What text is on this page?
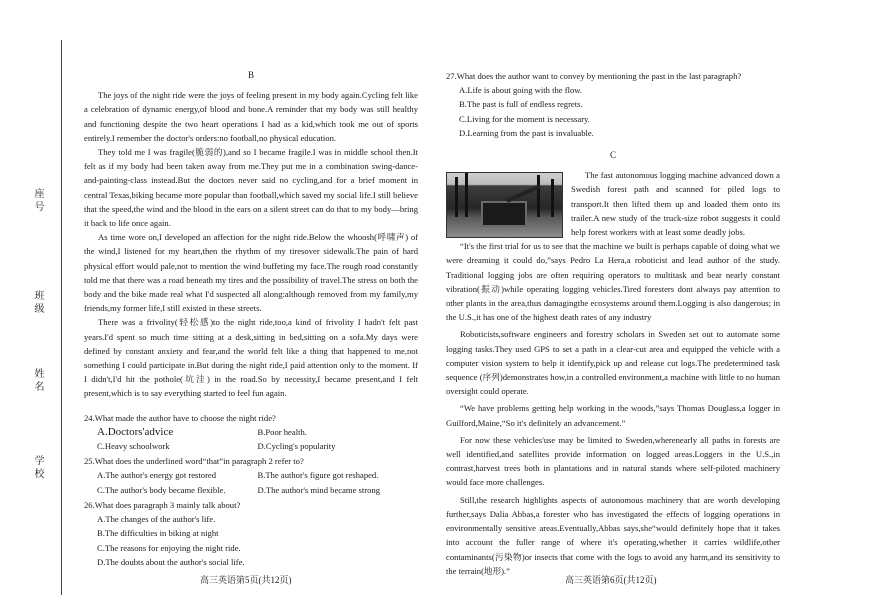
座号
班级
姓名
学校
B

The joys of the night ride were the joys of feeling present in my body again.Cycling felt like a celebration of dynamic energy,of blood and bone.A reminder that my body was still healthy and functioning despite the two heart operations I had as a kid,which took me out of sports entirely.I remember the doctor's orders:no football,no physical education.

They told me I was fragile(脆弱的),and so I became fragile.I was in middle school then.It felt as if my body had been taken away from me.They put me in a combination swing-dance-and-painting-class instead.But the doctors never said no cycling,and for a brief moment in central Texas,biking became more popular than football,which saved my social life.I still believe that the speed,the wind and the blood in the ears on a silent street can do that to my body—bring it back to life once again.

As time wore on,I developed an affection for the night ride.Below the whoosh(呼啸声) of the wind,I listened for my heart,then the rhythm of my tiresover sidewalk.The pain of hard physical effort would pale,not to mention the wind buffeting my face.The rough road constantly told me that there was a road beneath my tires and the possibility of travel.The stress on both the body and the bike made real what I'd suspected all along:although removed from my family,my friends,my former life,I still existed in these streets.

There was a frivolity(轻松感)to the night ride,too,a kind of frivolity I hadn't felt past years.I'd spent so much time sitting at a desk,sitting in bed,sitting on a sofa.My days were defined by constant anxiety and fear,and the world felt like a thing that happened to me,not something I could participate in.But during the night ride,I paid attention only to the moment. If I didn't,I'd hit the pothole(坑洼) in the road.So by necessity,I became present,and I felt present,which is to say everything started to feel fun again.

24.What made the author have to choose the night ride?
A.Doctors'advice	B.Poor health.
C.Heavy schoolwork	D.Cycling's popularity
25.What does the underlined word“that”in paragraph 2 refer to?
A.The author's energy got restored	B.The author's figure got reshaped.
C.The author's body became flexible.	D.The author's mind became strong
26.What does paragraph 3 mainly talk about?
A.The changes of the author's life.
B.The difficulties in biking at night
C.The reasons for enjoying the night ride.
D.The doubts about the author's social life.
27.What does the author want to convey by mentioning the past in the last paragraph?
A.Life is about going with the flow.
B.The past is full of endless regrets.
C.Living for the moment is necessary.
D.Learning from the past is invaluable.
C

The fast autonomous logging machine advanced down a Swedish forest path and scanned for piled logs to transport.It then lifted them up and loaded them onto its trailer.A new study of the truck-size robot suggests it could help forest workers with at least some deadly jobs.

“It's the first trial for us to see that the machine we built is perhaps capable of doing what we were dreaming it could do,”says Pedro La Hera,a roboticist and lead author of the study. Traditional logging jobs are often requiring operators to multitask and bear nearly constant vibration(振动)while operating logging vehicles.Tired foresters dont always pay attention to other plants in the area,thus damagingthe ecosystems around them.Logging is also dangerous; in the U.S.,it has one of the highest death rates of any industry

Roboticists,software engineers and forestry scholars in Sweden set out to automate some logging tasks.They used GPS to set a path in a clear-cut area and equipped the vehicle with a computer vision system to help it identify,pick up and release cut logs.The predetermined task sequence (序列)demonstrates how,in a controlled environment,a machine with little to no human oversight could operate.

“We have problems getting help working in the woods,”says Thomas Douglass,a logger in Guilford,Maine,“So it's definitely an advancement.”

For now these vehicles'use may be limited to Sweden,wherenearly all paths in forests are well identified,and satellites provide information on logged areas.Loggers in the U.S.,in contrast,harvest trees both in plantations and in natural stands where self-piloted machinery would face more challenges.

Still,the research highlights aspects of autonomous machinery that are worth developing further,says Dalia Abbas,a forester who has investigated the effects of logging operations in environmentally sensitive areas.Eventually,Abbas says,she“would definitely hope that it takes into account the fuller range of where it's operating,whether it carries wildlife,other contaminants(污染物)or insects that come with the logs to avoid any harm,and its sensitivity to the terrain(地形).”

高三英语第5页(共12页)	高三英语第6页(共12页)
